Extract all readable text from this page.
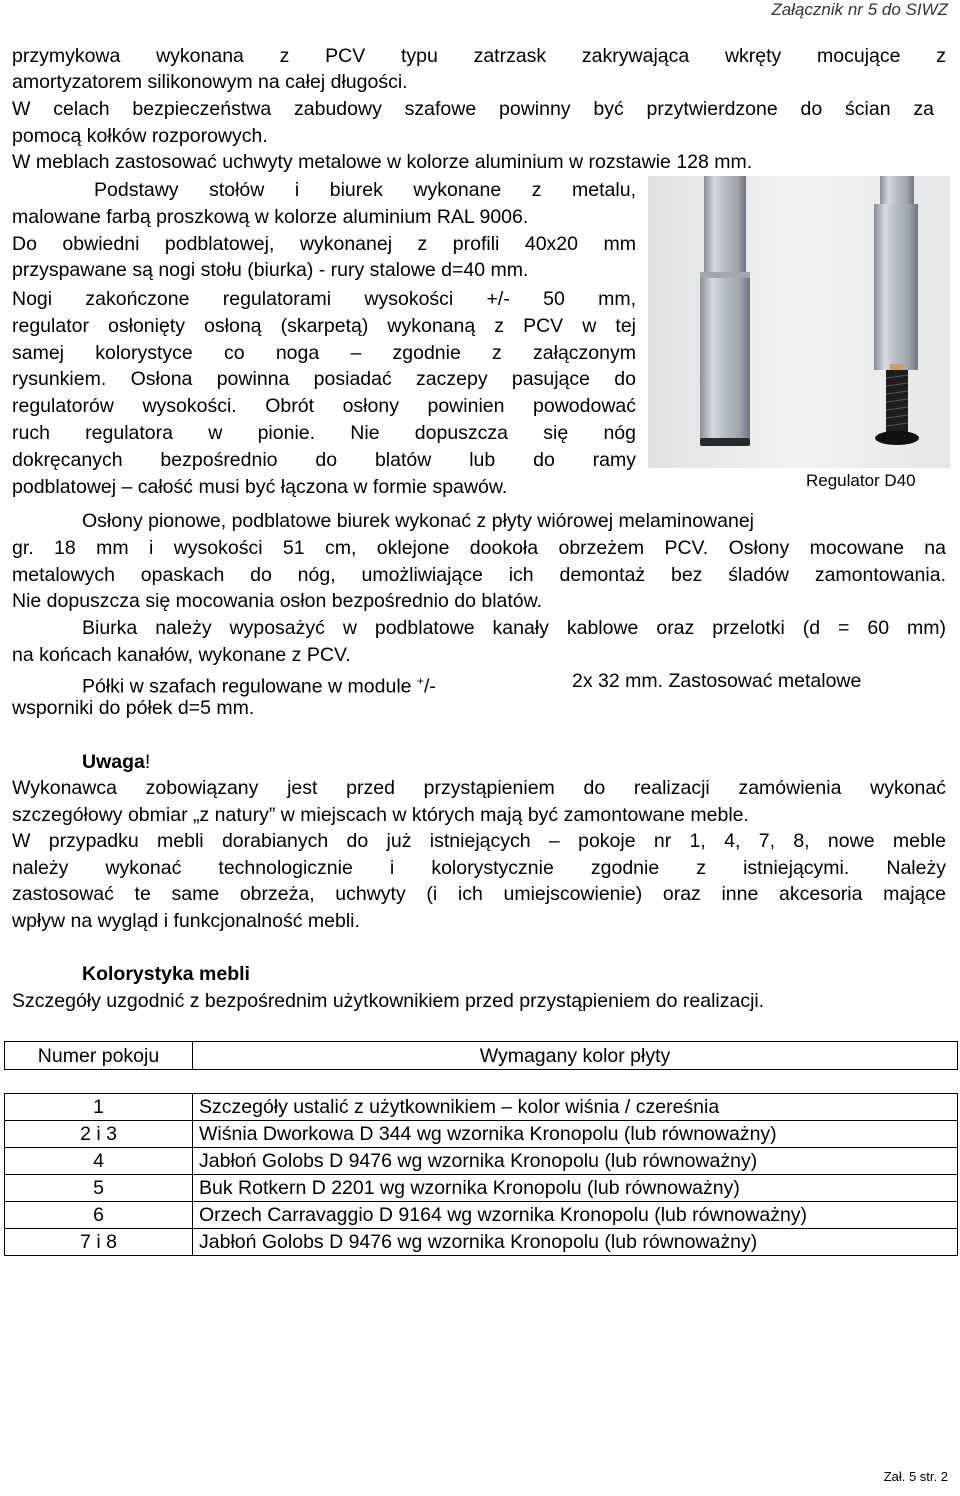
Załącznik nr 5 do SIWZ
przymykowa wykonana z PCV typu zatrzask zakrywająca wkręty mocujące z
amortyzatorem silikonowym na całej długości.
W celach bezpieczeństwa zabudowy szafowe powinny być przytwierdzone do ścian za
pomocą kołków rozporowych.
W meblach zastosować uchwyty metalowe w kolorze aluminium w rozstawie 128 mm.
Podstawy stołów i biurek wykonane z metalu,
malowane farbą proszkową w kolorze aluminium RAL 9006.
Do obwiedni podblatowej, wykonanej z profili 40x20 mm
przyspawane są nogi stołu (biurka) - rury stalowe d=40 mm.
Nogi zakończone regulatorami wysokości +/- 50 mm,
regulator osłonięty osłoną (skarpetą) wykonaną z PCV w tej
samej kolorystyce co noga – zgodnie z załączonym
rysunkiem. Osłona powinna posiadać zaczepy pasujące do
regulatorów wysokości. Obrót osłony powinien powodować
ruch regulatora w pionie. Nie dopuszcza się nóg
dokręcanych bezpośrednio do blatów lub do ramy
podblatowej – całość musi być łączona w formie spawów.	Regulator D40
Osłony pionowe, podblatowe biurek wykonać z płyty wiórowej melaminowanej
gr. 18 mm i wysokości 51 cm, oklejone dookoła obrzeżem PCV. Osłony mocowane na
metalowych opaskach do nóg, umożliwiające ich demontaż bez śladów zamontowania.
Nie dopuszcza się mocowania osłon bezpośrednio do blatów.
Biurka należy wyposażyć w podblatowe kanały kablowe oraz przelotki (d = 60 mm)
na końcach kanałów, wykonane z PCV.
Półki w szafach regulowane w module +/-	2x 32 mm. Zastosować metalowe
wsporniki do półek d=5 mm.
Uwaga!
Wykonawca zobowiązany jest przed przystąpieniem do realizacji zamówienia wykonać
szczegółowy obmiar „z natury” w miejscach w których mają być zamontowane meble.
W przypadku mebli dorabianych do już istniejących – pokoje nr 1, 4, 7, 8, nowe meble
należy wykonać technologicznie i kolorystycznie zgodnie z istniejącymi. Należy
zastosować te same obrzeża, uchwyty (i ich umiejscowienie) oraz inne akcesoria mające
wpływ na wygląd i funkcjonalność mebli.
Kolorystyka mebli
Szczegóły uzgodnić z bezpośrednim użytkownikiem przed przystąpieniem do realizacji.
Numer pokoju	Wymagany kolor płyty
1	Szczegóły ustalić z użytkownikiem – kolor wiśnia / czereśnia
2 i 3	Wiśnia Dworkowa D 344 wg wzornika Kronopolu (lub równoważny)
4	Jabłoń Golobs D 9476 wg wzornika Kronopolu (lub równoważny)
5	Buk Rotkern D 2201 wg wzornika Kronopolu (lub równoważny)
6	Orzech Carravaggio D 9164 wg wzornika Kronopolu (lub równoważny)
7 i 8	Jabłoń Golobs D 9476 wg wzornika Kronopolu (lub równoważny)
Zał. 5 str. 2
